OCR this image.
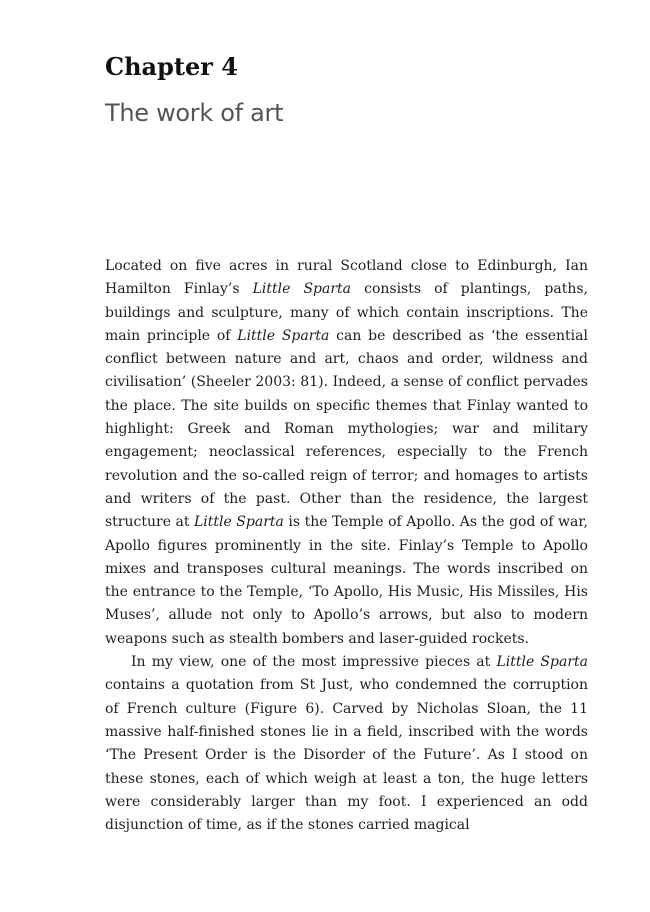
Chapter 4
The work of art

Located on five acres in rural Scotland close to Edinburgh, Ian Hamilton Finlay’s Little Sparta consists of plantings, paths, buildings and sculpture, many of which contain inscriptions. The main principle of Little Sparta can be described as ‘the essential conflict between nature and art, chaos and order, wildness and civilisation’ (Sheeler 2003: 81). Indeed, a sense of conflict pervades the place. The site builds on specific themes that Finlay wanted to highlight: Greek and Roman mythologies; war and military engagement; neoclassical references, especially to the French revolution and the so-called reign of terror; and homages to artists and writers of the past. Other than the residence, the largest structure at Little Sparta is the Temple of Apollo. As the god of war, Apollo figures prominently in the site. Finlay’s Temple to Apollo mixes and transposes cultural meanings. The words inscribed on the entrance to the Temple, ‘To Apollo, His Music, His Missiles, His Muses’, allude not only to Apollo’s arrows, but also to modern weapons such as stealth bombers and laser-guided rockets.

In my view, one of the most impressive pieces at Little Sparta contains a quotation from St Just, who condemned the corruption of French culture (Figure 6). Carved by Nicholas Sloan, the 11 massive half-finished stones lie in a field, inscribed with the words ‘The Present Order is the Disorder of the Future’. As I stood on these stones, each of which weigh at least a ton, the huge letters were considerably larger than my foot. I experienced an odd disjunction of time, as if the stones carried magical
